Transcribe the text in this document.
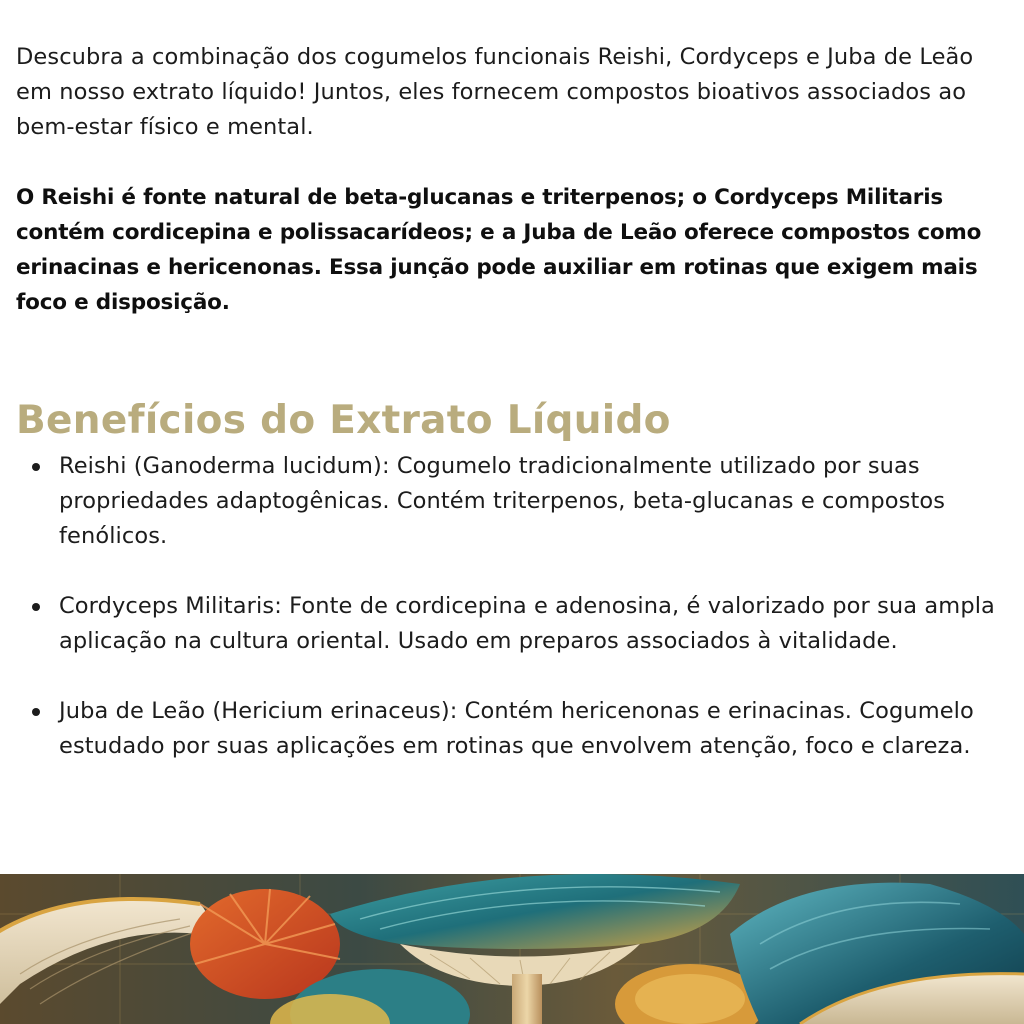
Descubra a combinação dos cogumelos funcionais Reishi, Cordyceps e Juba de Leão em nosso extrato líquido! Juntos, eles fornecem compostos bioativos associados ao bem-estar físico e mental.

O Reishi é fonte natural de beta-glucanas e triterpenos; o Cordyceps Militaris contém cordicepina e polissacarídeos; e a Juba de Leão oferece compostos como erinacinas e hericenonas. Essa junção pode auxiliar em rotinas que exigem mais foco e disposição.

Benefícios do Extrato Líquido
Reishi (Ganoderma lucidum): Cogumelo tradicionalmente utilizado por suas propriedades adaptogênicas. Contém triterpenos, beta-glucanas e compostos fenólicos.
Cordyceps Militaris: Fonte de cordicepina e adenosina, é valorizado por sua ampla aplicação na cultura oriental. Usado em preparos associados à vitalidade.
Juba de Leão (Hericium erinaceus): Contém hericenonas e erinacinas. Cogumelo estudado por suas aplicações em rotinas que envolvem atenção, foco e clareza.
